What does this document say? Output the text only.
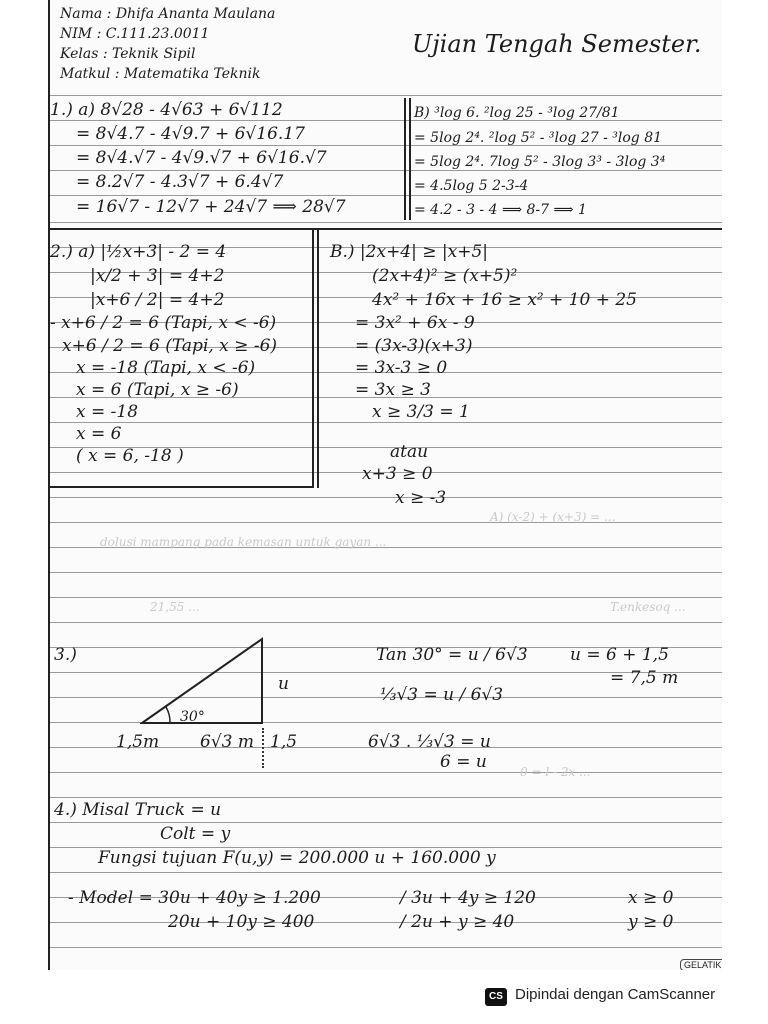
A) (x-2) + (x+3) = ...
dolusi mampang pada kemasan untuk gayan ...
21,55 ...	T.enkesoq ...
0 = l - 2x ...
Nama : Dhifa Ananta Maulana
NIM : C.111.23.0011
Kelas : Teknik Sipil
Matkul : Matematika Teknik
Ujian Tengah Semester.
1.) a) 8√28 - 4√63 + 6√112
= 8√4.7 - 4√9.7 + 6√16.17
= 8√4.√7 - 4√9.√7 + 6√16.√7
= 8.2√7 - 4.3√7 + 6.4√7
= 16√7 - 12√7 + 24√7 ⟹ 28√7
B) ³log 6. ²log 25 - ³log 27/81
= 5log 2⁴. ²log 5² - ³log 27 - ³log 81
= 5log 2⁴. 7log 5² - 3log 3³ - 3log 3⁴
= 4.5log 5 2-3-4
= 4.2 - 3 - 4 ⟹ 8-7 ⟹ 1
2.) a) |½x+3| - 2 = 4
|x/2 + 3| = 4+2
|x+6 / 2| = 4+2
- x+6 / 2 = 6 (Tapi, x < -6)
x+6 / 2 = 6 (Tapi, x ≥ -6)
x = -18 (Tapi, x < -6)
x = 6 (Tapi, x ≥ -6)
x = -18
x = 6
( x = 6, -18 )
B.) |2x+4| ≥ |x+5|
(2x+4)² ≥ (x+5)²
4x² + 16x + 16 ≥ x² + 10 + 25
= 3x² + 6x - 9
= (3x-3)(x+3)
= 3x-3 ≥ 0
= 3x ≥ 3
x ≥ 3/3 = 1
atau
x+3 ≥ 0
x ≥ -3
3.)
30°
u
1,5m 6√3 m 1,5
Tan 30° = u / 6√3
⅓√3 = u / 6√3
6√3 . ⅓√3 = u
6 = u
u = 6 + 1,5
= 7,5 m
4.) Misal Truck = u
Colt = y
Fungsi tujuan F(u,y) = 200.000 u + 160.000 y
- Model = 30u + 40y ≥ 1.200	/ 3u + 4y ≥ 120	x ≥ 0
20u + 10y ≥ 400	/ 2u + y ≥ 40	y ≥ 0
GELATIK
CS Dipindai dengan CamScanner
